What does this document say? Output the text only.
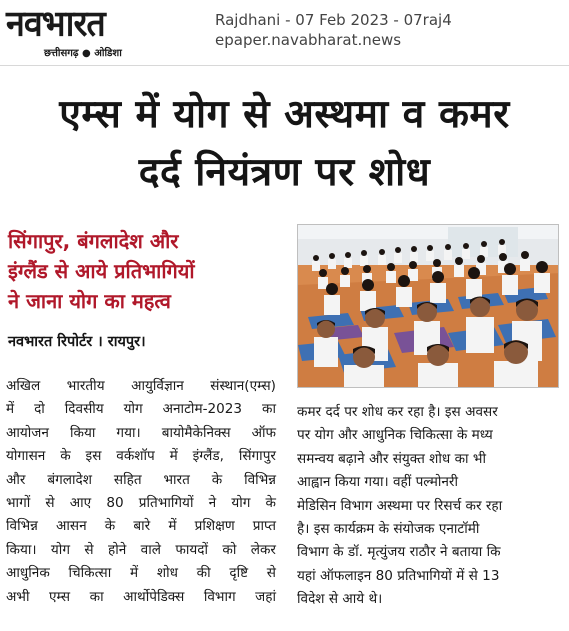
नवभारत
छत्तीसगढ़ ● ओडिशा
Rajdhani - 07 Feb 2023 - 07raj4
epaper.navabharat.news
एम्स में योग से अस्थमा व कमर
दर्द नियंत्रण पर शोध
सिंगापुर, बंगलादेश और
इंग्लैंड से आये प्रतिभागियों
ने जाना योग का महत्व
नवभारत रिपोर्टर । रायपुर।

अखिल भारतीय आयुर्विज्ञान संस्थान(एम्स)

में दो दिवसीय योग अनाटोम-2023 का

आयोजन किया गया। बायोमैकेनिक्स ऑफ

योगासन के इस वर्कशॉप में इंग्लैंड, सिंगापुर

और बंगलादेश सहित भारत के विभिन्न

भागों से आए 80 प्रतिभागियों ने योग के

विभिन्न आसन के बारे में प्रशिक्षण प्राप्त

किया। योग से होने वाले फायदों को लेकर

आधुनिक चिकित्सा में शोध की दृष्टि से

अभी एम्स का आर्थोपेडिक्स विभाग जहां

कमर दर्द पर शोध कर रहा है। इस अवसर

पर योग और आधुनिक चिकित्सा के मध्य

समन्वय बढ़ाने और संयुक्त शोध का भी

आह्वान किया गया। वहीं पल्मोनरी

मेडिसिन विभाग अस्थमा पर रिसर्च कर रहा

है। इस कार्यक्रम के संयोजक एनाटॉमी

विभाग के डॉ. मृत्युंजय राठौर ने बताया कि

यहां ऑफलाइन 80 प्रतिभागियों में से 13

विदेश से आये थे।
